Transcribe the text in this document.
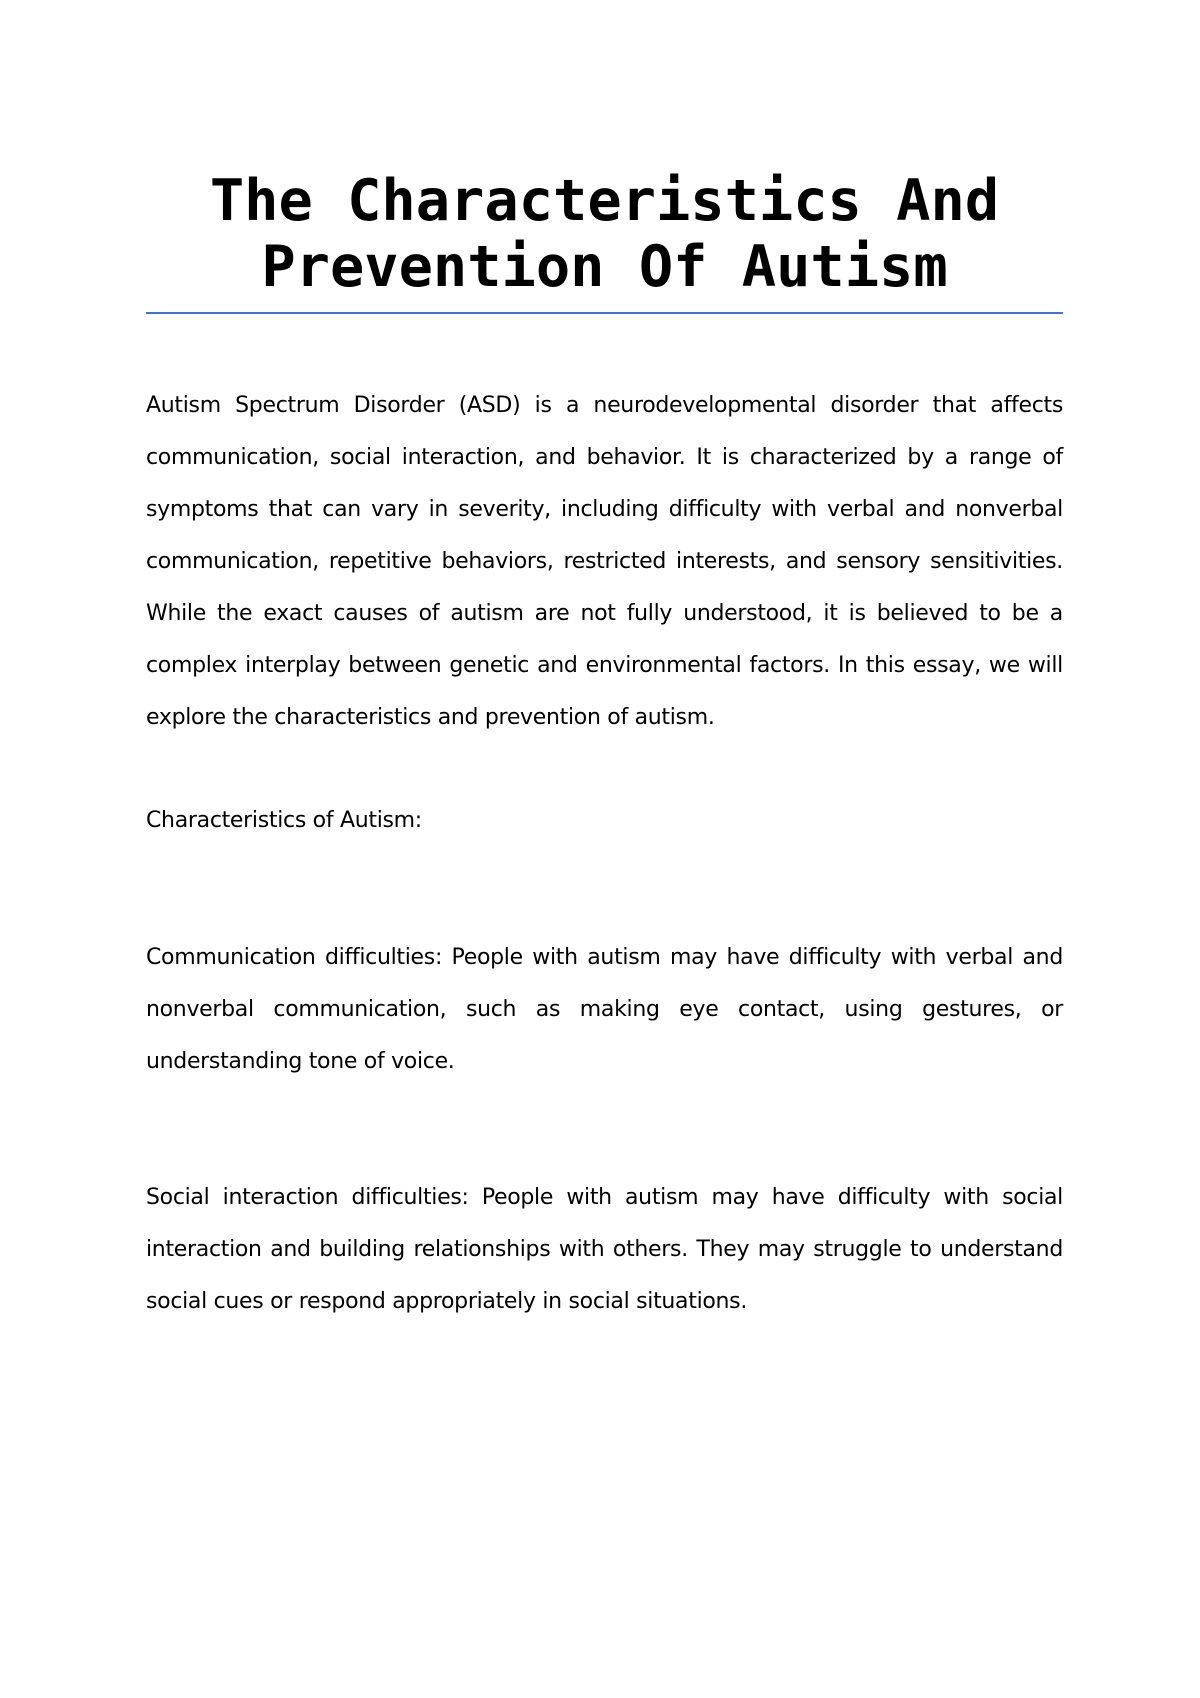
The Characteristics And Prevention Of Autism

Autism Spectrum Disorder (ASD) is a neurodevelopmental disorder that affects communication, social interaction, and behavior. It is characterized by a range of symptoms that can vary in severity, including difficulty with verbal and nonverbal communication, repetitive behaviors, restricted interests, and sensory sensitivities. While the exact causes of autism are not fully understood, it is believed to be a complex interplay between genetic and environmental factors. In this essay, we will explore the characteristics and prevention of autism.

Characteristics of Autism:

Communication difficulties: People with autism may have difficulty with verbal and nonverbal communication, such as making eye contact, using gestures, or understanding tone of voice.

Social interaction difficulties: People with autism may have difficulty with social interaction and building relationships with others. They may struggle to understand social cues or respond appropriately in social situations.
